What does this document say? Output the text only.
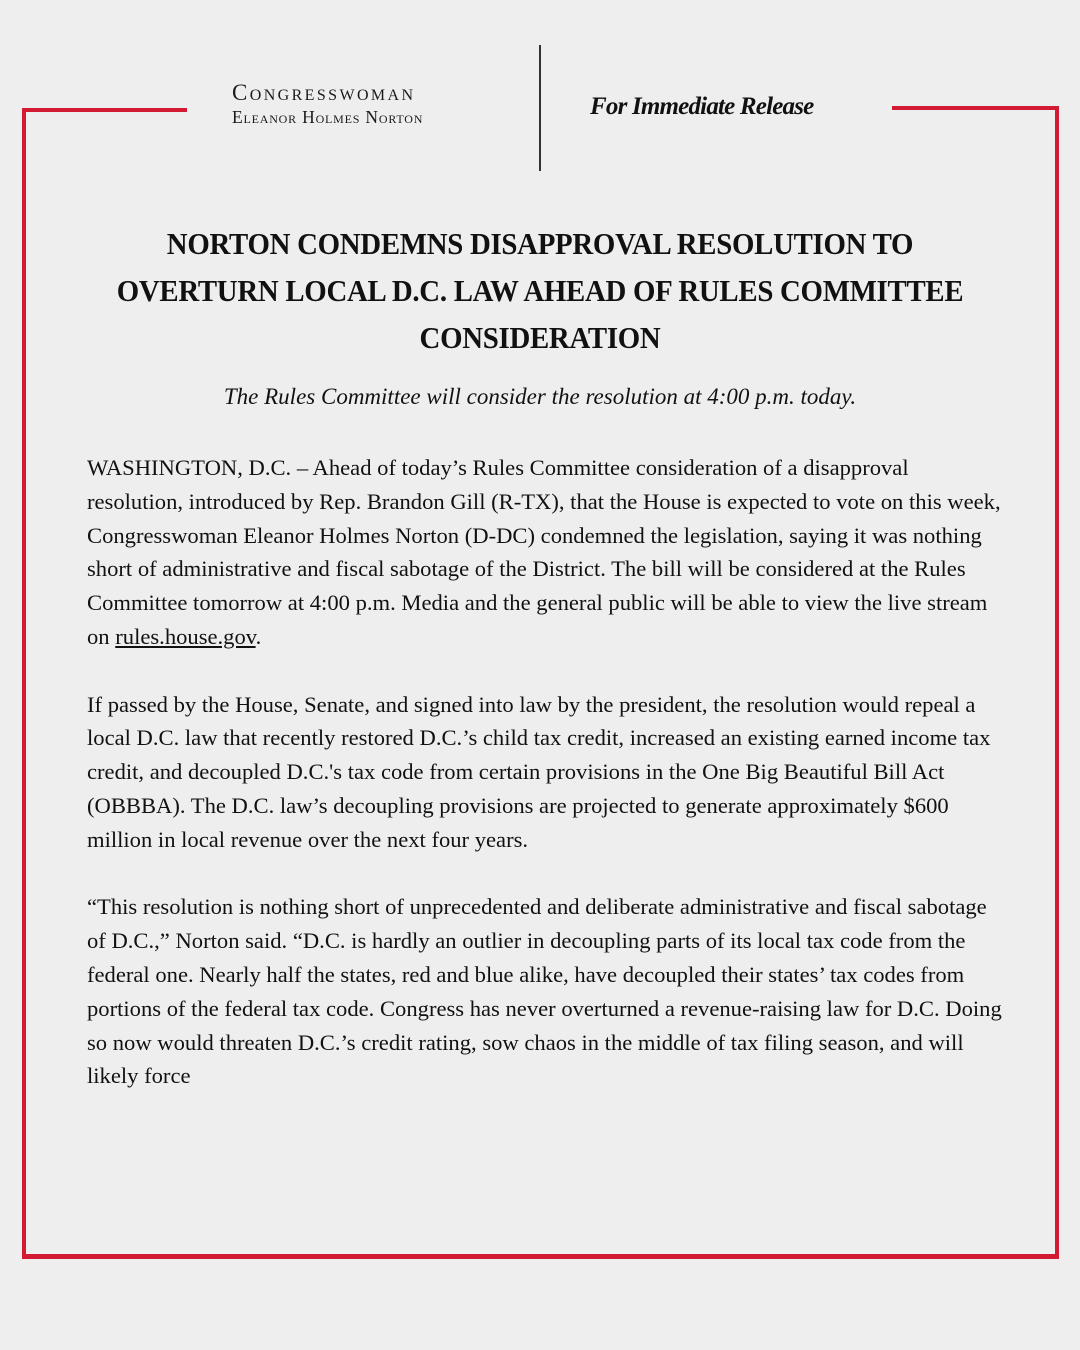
Congresswoman
Eleanor Holmes Norton	For Immediate Release
NORTON CONDEMNS DISAPPROVAL RESOLUTION TO OVERTURN LOCAL D.C. LAW AHEAD OF RULES COMMITTEE CONSIDERATION
The Rules Committee will consider the resolution at 4:00 p.m. today.

WASHINGTON, D.C. – Ahead of today’s Rules Committee consideration of a disapproval resolution, introduced by Rep. Brandon Gill (R-TX), that the House is expected to vote on this week, Congresswoman Eleanor Holmes Norton (D-DC) condemned the legislation, saying it was nothing short of administrative and fiscal sabotage of the District. The bill will be considered at the Rules Committee tomorrow at 4:00 p.m. Media and the general public will be able to view the live stream on rules.house.gov.

If passed by the House, Senate, and signed into law by the president, the resolution would repeal a local D.C. law that recently restored D.C.’s child tax credit, increased an existing earned income tax credit, and decoupled D.C.'s tax code from certain provisions in the One Big Beautiful Bill Act (OBBBA). The D.C. law’s decoupling provisions are projected to generate approximately $600 million in local revenue over the next four years.

“This resolution is nothing short of unprecedented and deliberate administrative and fiscal sabotage of D.C.,” Norton said. “D.C. is hardly an outlier in decoupling parts of its local tax code from the federal one. Nearly half the states, red and blue alike, have decoupled their states’ tax codes from portions of the federal tax code. Congress has never overturned a revenue-raising law for D.C. Doing so now would threaten D.C.’s credit rating, sow chaos in the middle of tax filing season, and will likely force
